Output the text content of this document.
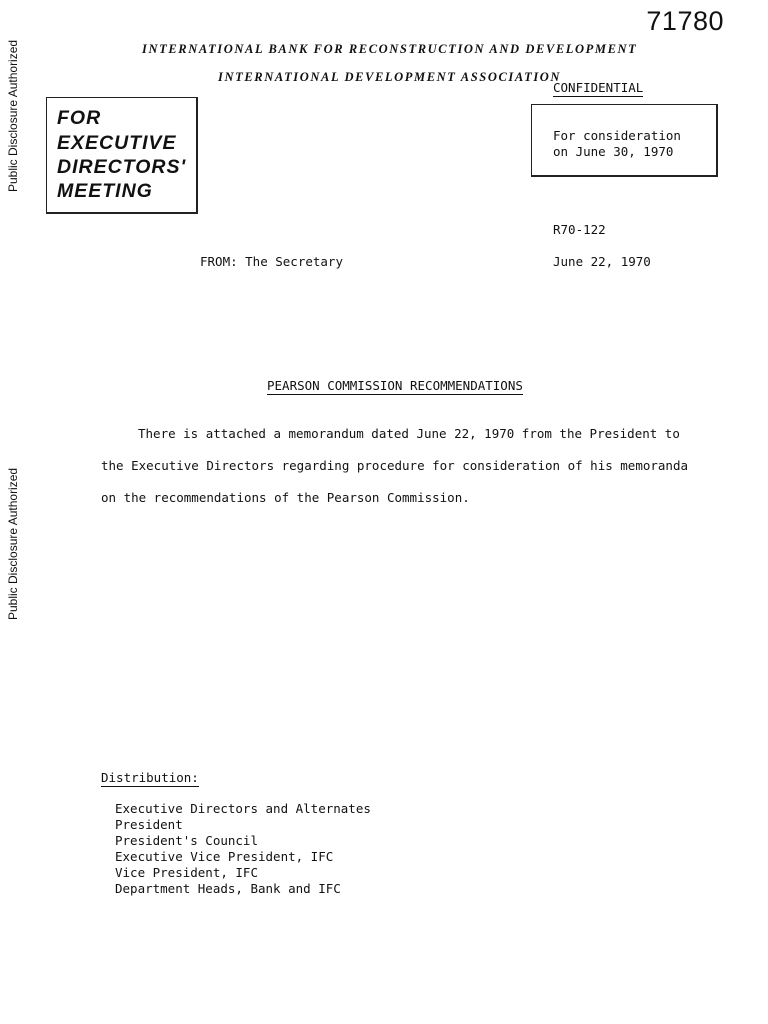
71780
Public Disclosure Authorized
Public Disclosure Authorized
INTERNATIONAL BANK FOR RECONSTRUCTION AND DEVELOPMENT
INTERNATIONAL DEVELOPMENT ASSOCIATION
CONFIDENTIAL
FOR
EXECUTIVE
DIRECTORS'
MEETING
For consideration
on June 30, 1970
R70-122
FROM: The Secretary	June 22, 1970
PEARSON COMMISSION RECOMMENDATIONS
There is attached a memorandum dated June 22, 1970 from the President to
the Executive Directors regarding procedure for consideration of his memoranda
on the recommendations of the Pearson Commission.
Distribution:
Executive Directors and Alternates
President
President's Council
Executive Vice President, IFC
Vice President, IFC
Department Heads, Bank and IFC
